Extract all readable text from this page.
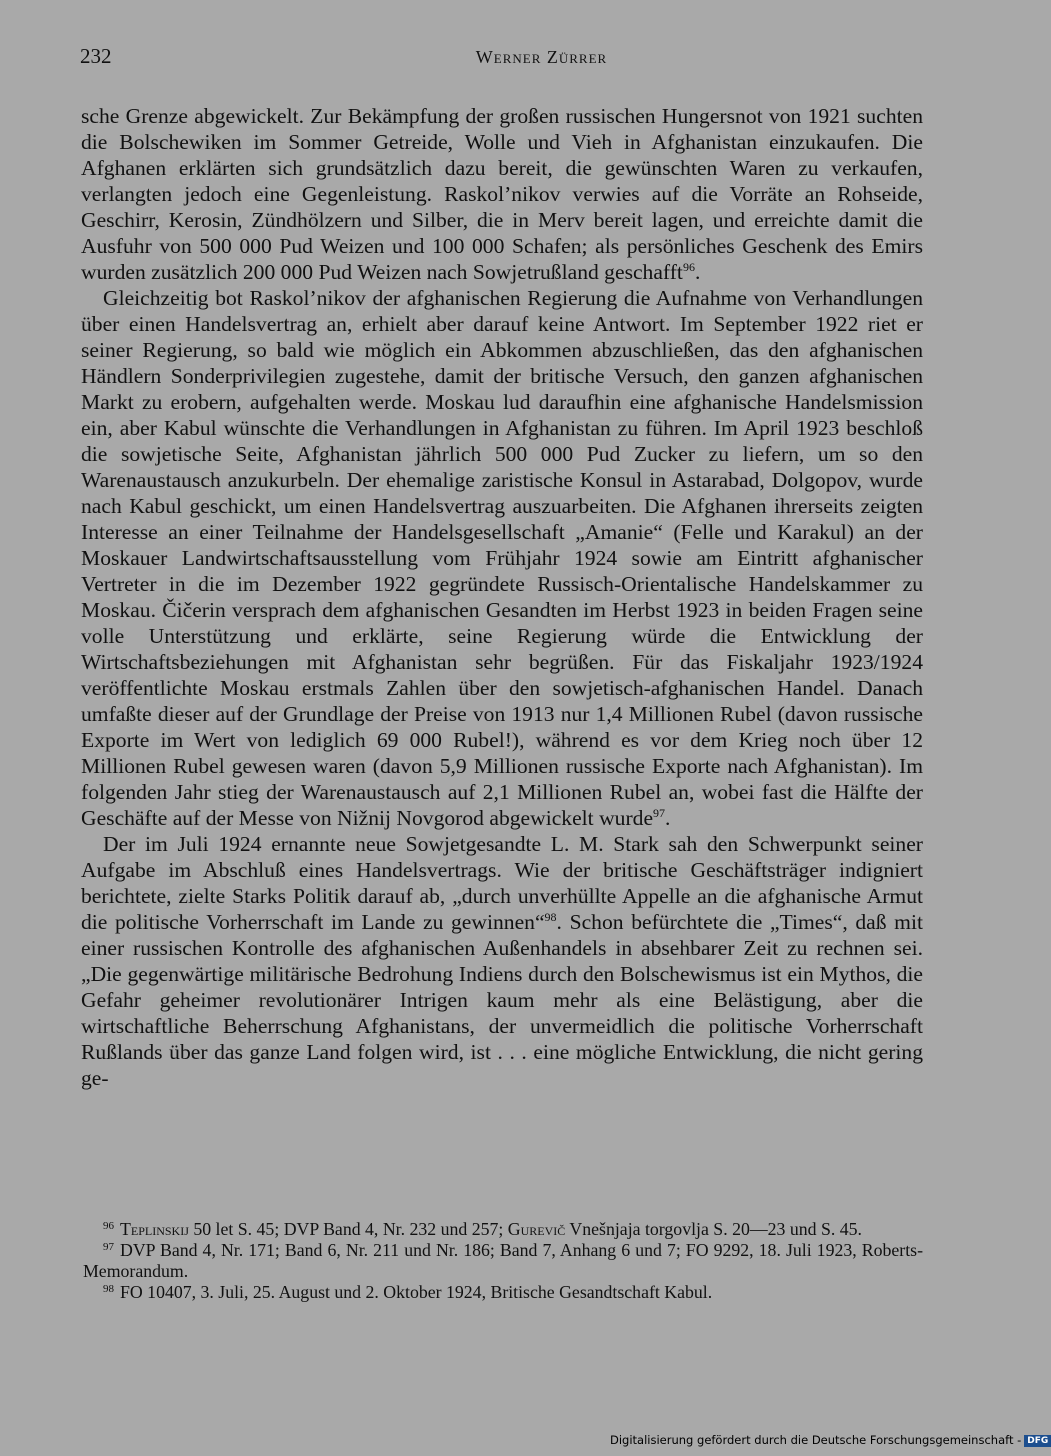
232	Werner Zürrer

sche Grenze abgewickelt. Zur Bekämpfung der großen russischen Hungersnot von 1921 suchten die Bolschewiken im Sommer Getreide, Wolle und Vieh in Afghanistan einzukaufen. Die Afghanen erklärten sich grundsätzlich dazu bereit, die gewünschten Waren zu verkaufen, verlangten jedoch eine Gegenleistung. Raskol’nikov verwies auf die Vorräte an Rohseide, Geschirr, Kerosin, Zündhölzern und Silber, die in Merv bereit lagen, und erreichte damit die Ausfuhr von 500 000 Pud Weizen und 100 000 Schafen; als persönliches Geschenk des Emirs wurden zusätzlich 200 000 Pud Weizen nach Sowjetrußland geschafft$^{96}$.

Gleichzeitig bot Raskol’nikov der afghanischen Regierung die Aufnahme von Verhandlungen über einen Handelsvertrag an, erhielt aber darauf keine Antwort. Im September 1922 riet er seiner Regierung, so bald wie möglich ein Abkommen abzuschließen, das den afghanischen Händlern Sonderprivilegien zugestehe, damit der britische Versuch, den ganzen afghanischen Markt zu erobern, aufgehalten werde. Moskau lud daraufhin eine afghanische Handelsmission ein, aber Kabul wünschte die Verhandlungen in Afghanistan zu führen. Im April 1923 beschloß die sowjetische Seite, Afghanistan jährlich 500 000 Pud Zucker zu liefern, um so den Warenaustausch anzukurbeln. Der ehemalige zaristische Konsul in Astarabad, Dolgopov, wurde nach Kabul geschickt, um einen Handelsvertrag auszuarbeiten. Die Afghanen ihrerseits zeigten Interesse an einer Teilnahme der Handelsgesellschaft „Amanie“ (Felle und Karakul) an der Moskauer Landwirtschaftsausstellung vom Frühjahr 1924 sowie am Eintritt afghanischer Vertreter in die im Dezember 1922 gegründete Russisch-Orientalische Handelskammer zu Moskau. Čičerin versprach dem afghanischen Gesandten im Herbst 1923 in beiden Fragen seine volle Unterstützung und erklärte, seine Regierung würde die Entwicklung der Wirtschaftsbeziehungen mit Afghanistan sehr begrüßen. Für das Fiskaljahr 1923/1924 veröffentlichte Moskau erstmals Zahlen über den sowjetisch-afghanischen Handel. Danach umfaßte dieser auf der Grundlage der Preise von 1913 nur 1,4 Millionen Rubel (davon russische Exporte im Wert von lediglich 69 000 Rubel!), während es vor dem Krieg noch über 12 Millionen Rubel gewesen waren (davon 5,9 Millionen russische Exporte nach Afghanistan). Im folgenden Jahr stieg der Warenaustausch auf 2,1 Millionen Rubel an, wobei fast die Hälfte der Geschäfte auf der Messe von Nižnij Novgorod abgewickelt wurde$^{97}$.

Der im Juli 1924 ernannte neue Sowjetgesandte L. M. Stark sah den Schwerpunkt seiner Aufgabe im Abschluß eines Handelsvertrags. Wie der britische Geschäftsträger indigniert berichtete, zielte Starks Politik darauf ab, „durch unverhüllte Appelle an die afghanische Armut die politische Vorherrschaft im Lande zu gewinnen“$^{98}$. Schon befürchtete die „Times“, daß mit einer russischen Kontrolle des afghanischen Außenhandels in absehbarer Zeit zu rechnen sei. „Die gegenwärtige militärische Bedrohung Indiens durch den Bolschewismus ist ein Mythos, die Gefahr geheimer revolutionärer Intrigen kaum mehr als eine Belästigung, aber die wirtschaftliche Beherrschung Afghanistans, der unvermeidlich die politische Vorherrschaft Rußlands über das ganze Land folgen wird, ist . . . eine mögliche Entwicklung, die nicht gering ge-

$^{96}$ Teplinskij 50 let S. 45; DVP Band 4, Nr. 232 und 257; Gurevič Vnešnjaja torgovlja S. 20—23 und S. 45.

$^{97}$ DVP Band 4, Nr. 171; Band 6, Nr. 211 und Nr. 186; Band 7, Anhang 6 und 7; FO 9292, 18. Juli 1923, Roberts-Memorandum.

$^{98}$ FO 10407, 3. Juli, 25. August und 2. Oktober 1924, Britische Gesandtschaft Kabul.

Digitalisierung gefördert durch die Deutsche Forschungsgemeinschaft - DFG
